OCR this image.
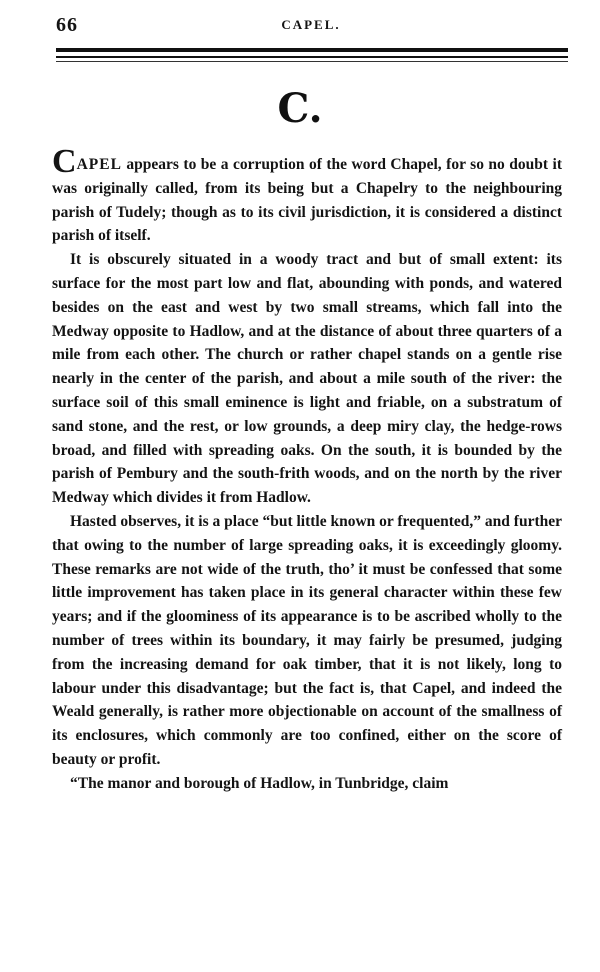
66	CAPEL.
C.

CAPEL appears to be a corruption of the word Chapel, for so no doubt it was originally called, from its being but a Chapelry to the neighbouring parish of Tudely; though as to its civil jurisdiction, it is considered a distinct parish of itself.

It is obscurely situated in a woody tract and but of small extent: its surface for the most part low and flat, abounding with ponds, and watered besides on the east and west by two small streams, which fall into the Medway opposite to Hadlow, and at the distance of about three quarters of a mile from each other. The church or rather chapel stands on a gentle rise nearly in the center of the parish, and about a mile south of the river: the surface soil of this small eminence is light and friable, on a substratum of sand stone, and the rest, or low grounds, a deep miry clay, the hedge-rows broad, and filled with spreading oaks. On the south, it is bounded by the parish of Pembury and the south-frith woods, and on the north by the river Medway which divides it from Hadlow.

Hasted observes, it is a place “but little known or frequented,” and further that owing to the number of large spreading oaks, it is exceedingly gloomy. These remarks are not wide of the truth, tho’ it must be confessed that some little improvement has taken place in its general character within these few years; and if the gloominess of its appearance is to be ascribed wholly to the number of trees within its boundary, it may fairly be presumed, judging from the increasing demand for oak timber, that it is not likely, long to labour under this disadvantage; but the fact is, that Capel, and indeed the Weald generally, is rather more objectionable on account of the smallness of its enclosures, which commonly are too confined, either on the score of beauty or profit.

“The manor and borough of Hadlow, in Tunbridge, claim
